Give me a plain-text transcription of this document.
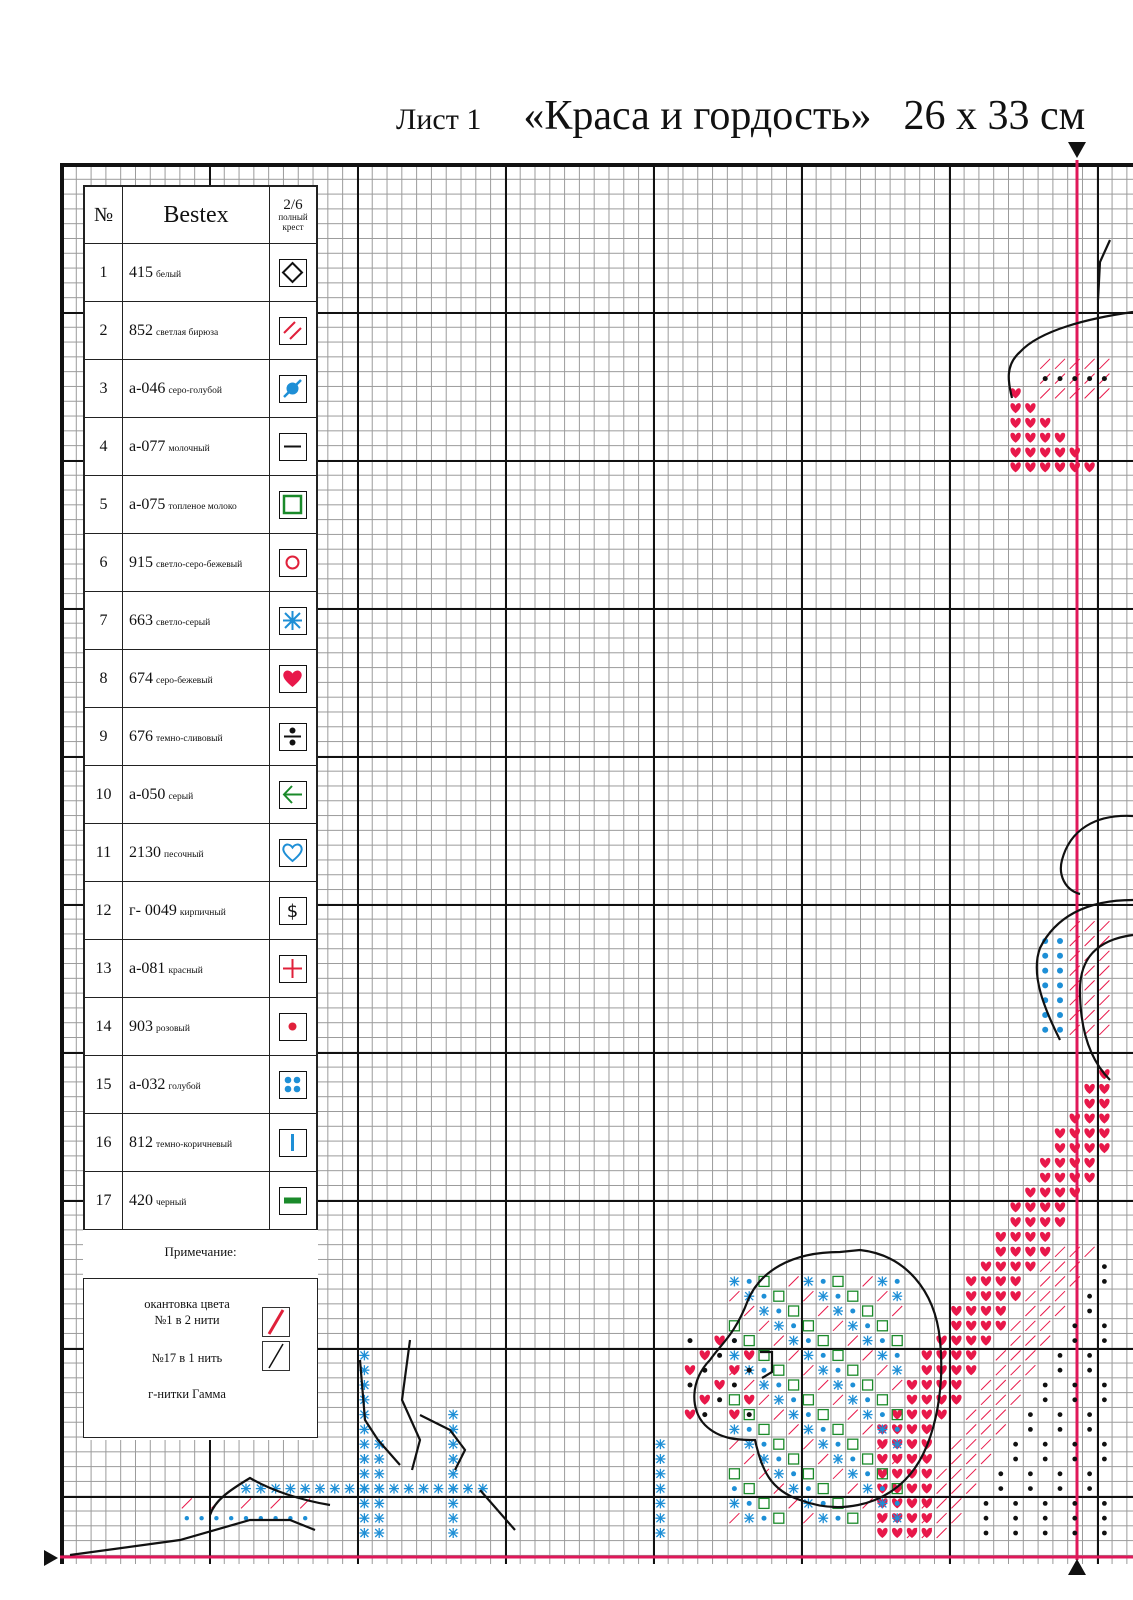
Лист 1 «Краса и гордость» 26 х 33 см
№	Bestex	2/6
полный крест

1	415 белый	

2	852 светлая бирюза	

3	а-046 серо-голубой	

4	а-077 молочный	

5	а-075 топленое молоко	

6	915 светло-серо-бежевый	

7	663 светло-серый	

8	674 серо-бежевый	

9	676 темно-сливовый	

10	а-050 серый	

11	2130 песочный	

12	г- 0049 кирпичный	$

13	а-081 красный	

14	903 розовый	

15	а-032 голубой	

16	812 темно-коричневый	

17	420 черный	
Примечание:
окантовка цвета
№1 в 2 нити
№17 в 1 нить
г-нитки Гамма
